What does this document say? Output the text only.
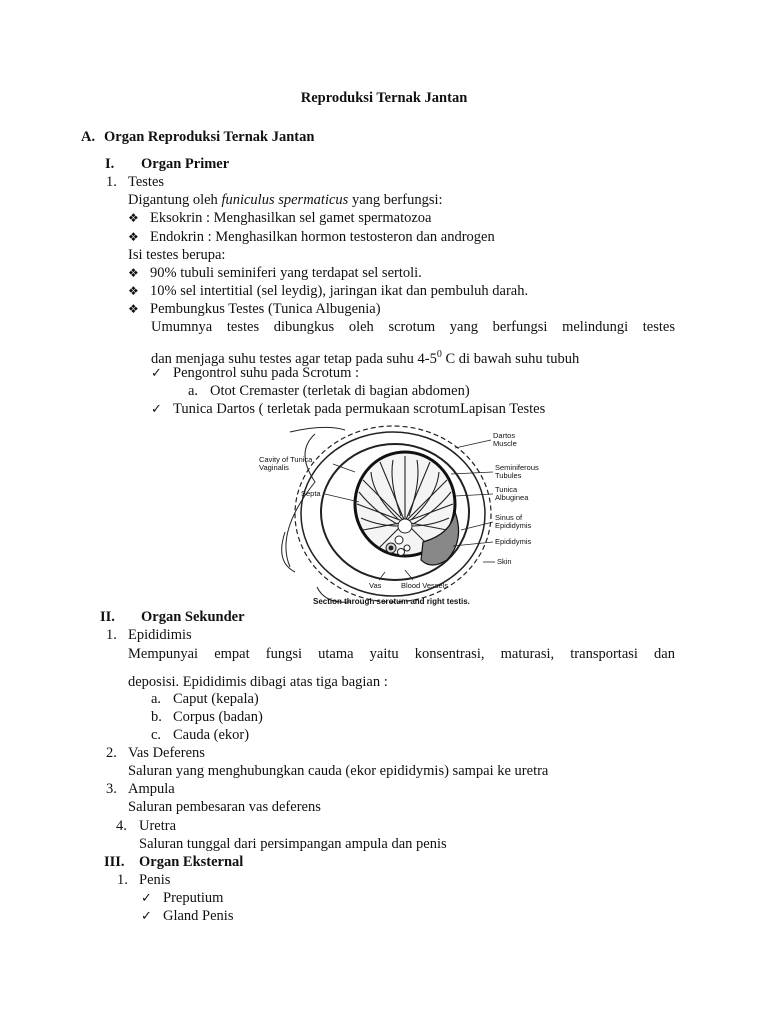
Reproduksi Ternak Jantan
A. Organ Reproduksi Ternak Jantan
I. Organ Primer
1. Testes
Digantung oleh funiculus spermaticus yang berfungsi:
❖ Eksokrin : Menghasilkan sel gamet spermatozoa
❖ Endokrin : Menghasilkan hormon testosteron dan androgen
Isi testes berupa:
❖ 90% tubuli seminiferi yang terdapat sel sertoli.
❖ 10% sel intertitial (sel leydig), jaringan ikat dan pembuluh darah.
❖ Pembungkus Testes (Tunica Albugenia)
Umumnya testes dibungkus oleh scrotum yang berfungsi melindungi testes
dan menjaga suhu testes agar tetap pada suhu $4-5^0$ C di bawah suhu tubuh
✓ Pengontrol suhu pada Scrotum :
a. Otot Cremaster (terletak di bagian abdomen)
✓ Tunica Dartos ( terletak pada permukaan scrotumLapisan Testes
Dartos Muscle
Cavity of Tunica Vaginalis	Seminiferous Tubules
Tunica Albuginea
Septa
Sinus of Epididymis
Epididymis
Skin
Vas	Blood Vessels
Section through scrotum and right testis.
II. Organ Sekunder
1. Epididimis
Mempunyai empat fungsi utama yaitu konsentrasi, maturasi, transportasi dan
deposisi. Epididimis dibagi atas tiga bagian :
a. Caput (kepala)
b. Corpus (badan)
c. Cauda (ekor)
2. Vas Deferens
Saluran yang menghubungkan cauda (ekor epididymis) sampai ke uretra
3. Ampula
Saluran pembesaran vas deferens
4. Uretra
Saluran tunggal dari persimpangan ampula dan penis
III. Organ Eksternal
1. Penis
✓ Preputium
✓ Gland Penis
